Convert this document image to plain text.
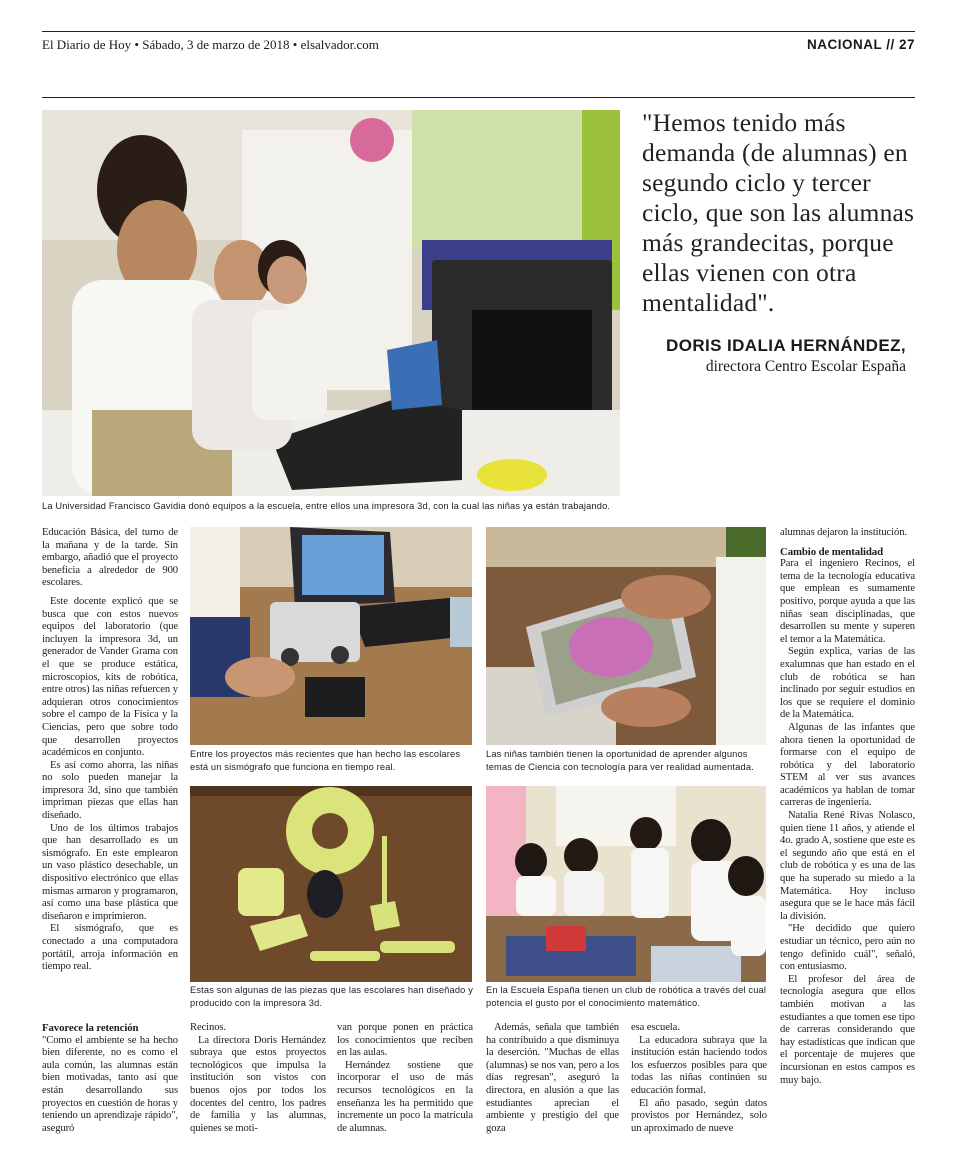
El Diario de Hoy • Sábado, 3 de marzo de 2018 • elsalvador.com	NACIONAL // 27
La Universidad Francisco Gavidia donó equipos a la escuela, entre ellos una impresora 3d, con la cual las niñas ya están trabajando.
"Hemos tenido más demanda (de alumnas) en segundo ciclo y tercer ciclo, que son las alumnas más grandecitas, porque ellas vienen con otra mentalidad".
DORIS IDALIA HERNÁNDEZ,
directora Centro Escolar España

Educación Básica, del turno de la mañana y de la tarde. Sin embargo, añadió que el proyecto beneficia a alrededor de 900 escolares.

Este docente explicó que se busca que con estos nuevos equipos del laboratorio (que incluyen la impresora 3d, un generador de Vander Grama con el que se produce estática, microscopios, kits de robótica, entre otros) las niñas refuercen y adquieran otros conocimientos sobre el campo de la Física y la Ciencias, pero que sobre todo que desarrollen proyectos académicos en conjunto.

Es así como ahorra, las niñas no solo pueden manejar la impresora 3d, sino que también impriman piezas que ellas han diseñado.

Uno de los últimos trabajos que han desarrollado es un sismógrafo. En este emplearon un vaso plástico desechable, un dispositivo electrónico que ellas mismas armaron y programaron, así como una base plástica que diseñaron e imprimieron.

El sismógrafo, que es conectado a una computadora portátil, arroja información en tiempo real.

Entre los proyectos más recientes que han hecho las escolares está un sismógrafo que funciona en tiempo real.
Las niñas también tienen la oportunidad de aprender algunos temas de Ciencia con tecnología para ver realidad aumentada.
Estas son algunas de las piezas que las escolares han diseñado y producido con la impresora 3d.
En la Escuela España tienen un club de robótica a través del cual potencia el gusto por el conocimiento matemático.
Favorece la retención

"Como el ambiente se ha hecho bien diferente, no es como el aula común, las alumnas están bien motivadas, tanto así que están desarrollando sus proyectos en cuestión de horas y teniendo un aprendizaje rápido", aseguró

Recinos.

La directora Doris Hernández subraya que estos proyectos tecnológicos que impulsa la institución son vistos con buenos ojos por todos los docentes del centro, los padres de familia y las alumnas, quienes se moti-

van porque ponen en práctica los conocimientos que reciben en las aulas.

Hernández sostiene que incorporar el uso de más recursos tecnológicos en la enseñanza les ha permitido que incremente un poco la matrícula de alumnas.

Además, señala que también ha contribuido a que disminuya la deserción. "Muchas de ellas (alumnas) se nos van, pero a los días regresan", aseguró la directora, en alusión a que las estudiantes aprecian el ambiente y prestigio del que goza

esa escuela.

La educadora subraya que la institución están haciendo todos los esfuerzos posibles para que todas las niñas continúen su educación formal.

El año pasado, según datos provistos por Hernández, solo un aproximado de nueve

alumnas dejaron la institución.

Cambio de mentalidad

Para el ingeniero Recinos, el tema de la tecnología educativa que emplean es sumamente positivo, porque ayuda a que las niñas sean disciplinadas, que desarrollen su mente y superen el temor a la Matemática.

Según explica, varias de las exalumnas que han estado en el club de robótica se han inclinado por seguir estudios en los que se requiere el dominio de la Matemática.

Algunas de las infantes que ahora tienen la oportunidad de formarse con el equipo de robótica y del laboratorio STEM al ver sus avances académicos ya hablan de tomar carreras de ingeniería.

Natalia René Rivas Nolasco, quien tiene 11 años, y atiende el 4o. grado A, sostiene que este es el segundo año que está en el club de robótica y es una de las que ha superado su miedo a la Matemática. Hoy incluso asegura que se le hace más fácil la división.

"He decidido que quiero estudiar un técnico, pero aún no tengo definido cuál", señaló, con entusiasmo.

El profesor del área de tecnología asegura que ellos también motivan a las estudiantes a que tomen ese tipo de carreras considerando que hay estadísticas que indican que el porcentaje de mujeres que incursionan en estos campos es muy bajo.
